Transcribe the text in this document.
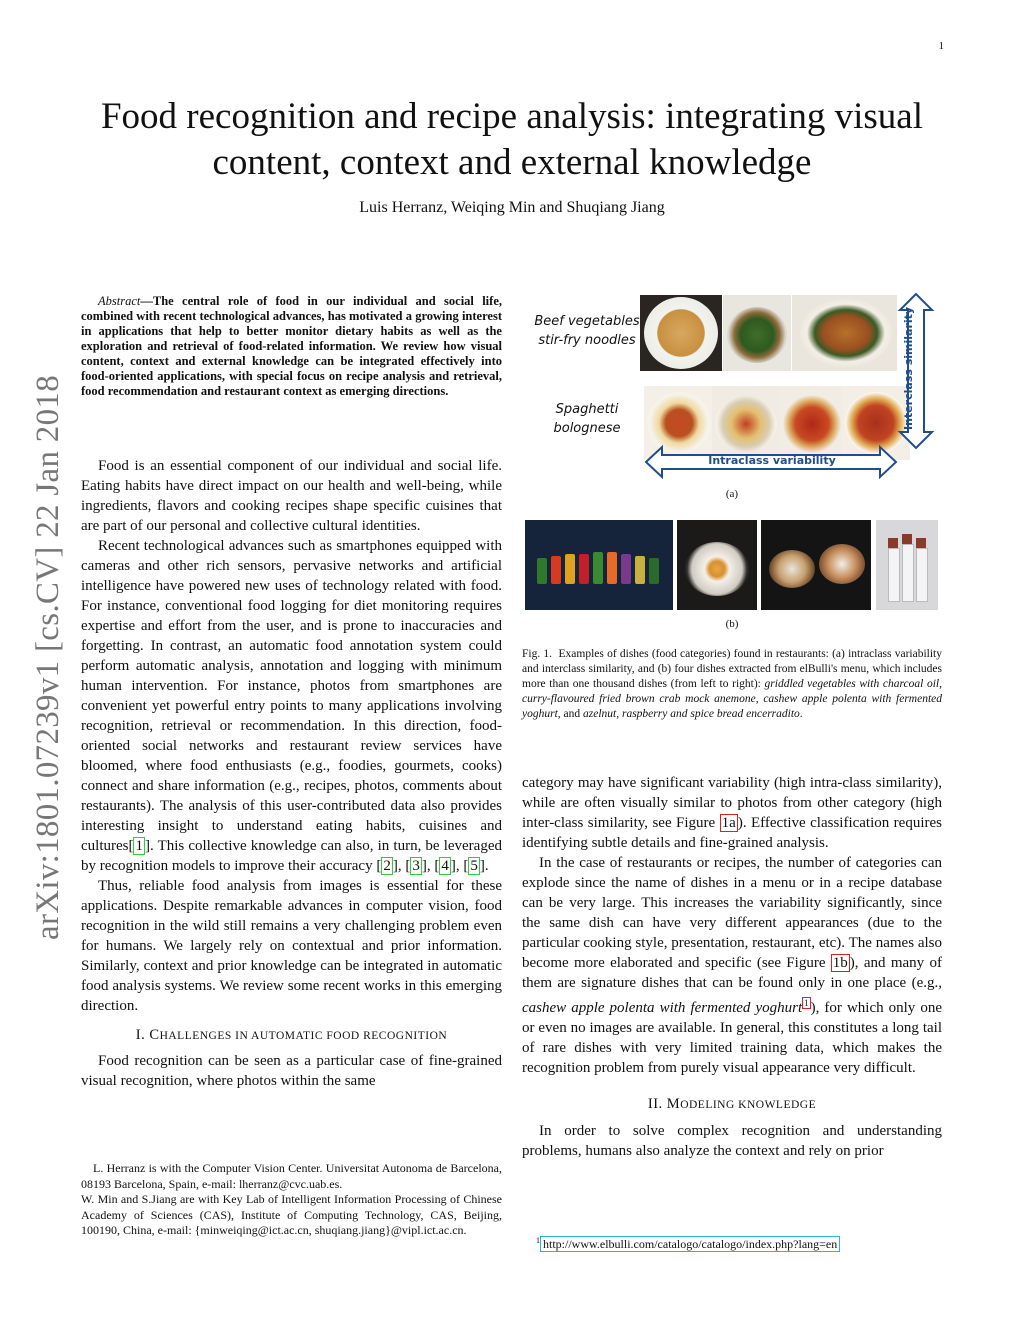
1
Food recognition and recipe analysis: integrating visual content, context and external knowledge
Luis Herranz, Weiqing Min and Shuqiang Jiang
arXiv:1801.07239v1 [cs.CV] 22 Jan 2018

Abstract—The central role of food in our individual and social life, combined with recent technological advances, has motivated a growing interest in applications that help to better monitor dietary habits as well as the exploration and retrieval of food-related information. We review how visual content, context and external knowledge can be integrated effectively into food-oriented applications, with special focus on recipe analysis and retrieval, food recommendation and restaurant context as emerging directions.

Food is an essential component of our individual and social life. Eating habits have direct impact on our health and well-being, while ingredients, flavors and cooking recipes shape specific cuisines that are part of our personal and collective cultural identities.

Recent technological advances such as smartphones equipped with cameras and other rich sensors, pervasive networks and artificial intelligence have powered new uses of technology related with food. For instance, conventional food logging for diet monitoring requires expertise and effort from the user, and is prone to inaccuracies and forgetting. In contrast, an automatic food annotation system could perform automatic analysis, annotation and logging with minimum human intervention. For instance, photos from smartphones are convenient yet powerful entry points to many applications involving recognition, retrieval or recommendation. In this direction, food-oriented social networks and restaurant review services have bloomed, where food enthusiasts (e.g., foodies, gourmets, cooks) connect and share information (e.g., recipes, photos, comments about restaurants). The analysis of this user-contributed data also provides interesting insight to understand eating habits, cuisines and cultures[ 1 ]. This collective knowledge can also, in turn, be leveraged by recognition models to improve their accuracy [ 2 ], [ 3 ], [ 4 ], [ 5 ].

Thus, reliable food analysis from images is essential for these applications. Despite remarkable advances in computer vision, food recognition in the wild still remains a very challenging problem even for humans. We largely rely on contextual and prior information. Similarly, context and prior knowledge can be integrated in automatic food analysis systems. We review some recent works in this emerging direction.

I. CHALLENGES IN AUTOMATIC FOOD RECOGNITION

Food recognition can be seen as a particular case of fine-grained visual recognition, where photos within the same

L. Herranz is with the Computer Vision Center. Universitat Autonoma de Barcelona, 08193 Barcelona, Spain, e-mail: lherranz@cvc.uab.es.

W. Min and S.Jiang are with Key Lab of Intelligent Information Processing of Chinese Academy of Sciences (CAS), Institute of Computing Technology, CAS, Beijing, 100190, China, e-mail: {minweiqing@ict.ac.cn, shuqiang.jiang}@vipl.ict.ac.cn.

Beef vegetables stir-fry noodles
Spaghetti bolognese	Interclass similarity
Intraclass variability
(a)
(b)
Fig. 1. Examples of dishes (food categories) found in restaurants: (a) intraclass variability and interclass similarity, and (b) four dishes extracted from elBulli's menu, which includes more than one thousand dishes (from left to right): griddled vegetables with charcoal oil, curry-flavoured fried brown crab mock anemone, cashew apple polenta with fermented yoghurt, and azelnut, raspberry and spice bread encerradito.

category may have significant variability (high intra-class similarity), while are often visually similar to photos from other category (high inter-class similarity, see Figure 1a ). Effective classification requires identifying subtle details and fine-grained analysis.

In the case of restaurants or recipes, the number of categories can explode since the name of dishes in a menu or in a recipe database can be very large. This increases the variability significantly, since the same dish can have very different appearances (due to the particular cooking style, presentation, restaurant, etc). The names also become more elaborated and specific (see Figure 1b ), and many of them are signature dishes that can be found only in one place (e.g., cashew apple polenta with fermented yoghurt $^1$ ), for which only one or even no images are available. In general, this constitutes a long tail of rare dishes with very limited training data, which makes the recognition problem from purely visual appearance very difficult.

II. MODELING KNOWLEDGE

In order to solve complex recognition and understanding problems, humans also analyze the context and rely on prior

$^1$ http://www.elbulli.com/catalogo/catalogo/index.php?lang=en
